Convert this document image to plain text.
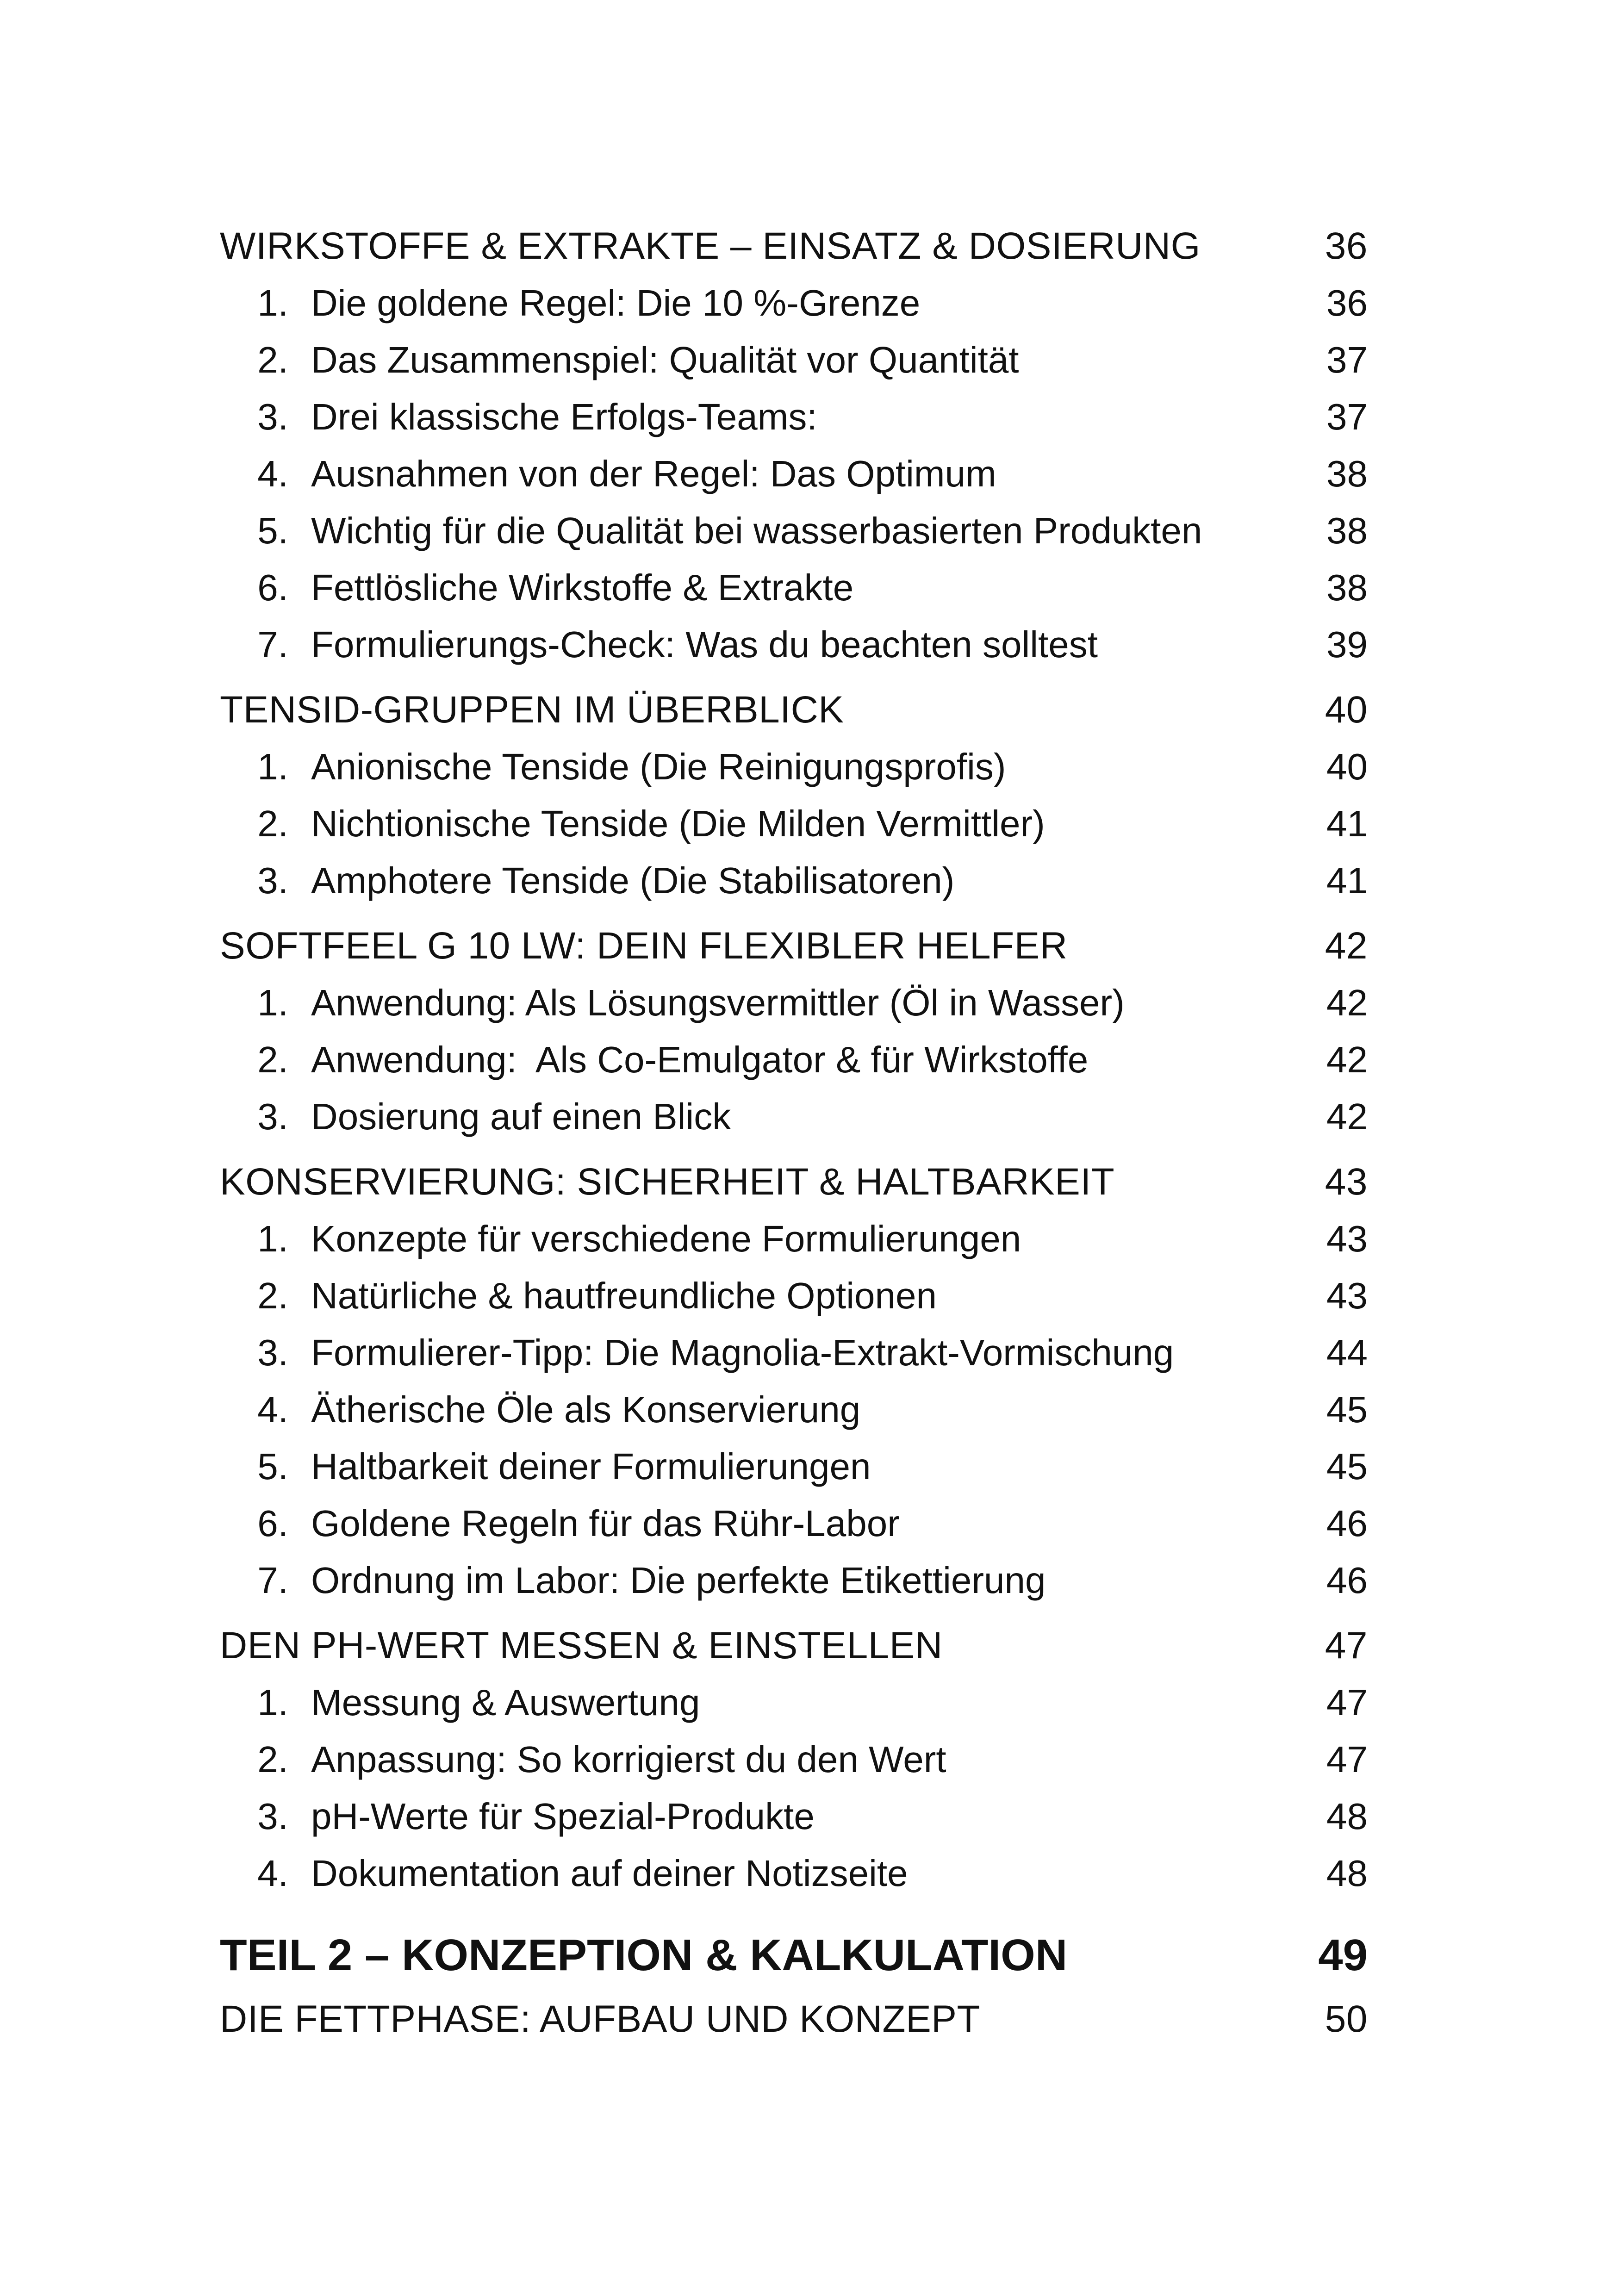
WIRKSTOFFE & EXTRAKTE – EINSATZ & DOSIERUNG	36
1. Die goldene Regel: Die 10 %-Grenze	36
2. Das Zusammenspiel: Qualität vor Quantität	37
3. Drei klassische Erfolgs-Teams:	37
4. Ausnahmen von der Regel: Das Optimum	38
5. Wichtig für die Qualität bei wasserbasierten Produkten	38
6. Fettlösliche Wirkstoffe & Extrakte	38
7. Formulierungs-Check: Was du beachten solltest	39
TENSID-GRUPPEN IM ÜBERBLICK	40
1. Anionische Tenside (Die Reinigungsprofis)	40
2. Nichtionische Tenside (Die Milden Vermittler)	41
3. Amphotere Tenside (Die Stabilisatoren)	41
SOFTFEEL G 10 LW: DEIN FLEXIBLER HELFER	42
1. Anwendung: Als Lösungsvermittler (Öl in Wasser)	42
2. Anwendung:  Als Co-Emulgator & für Wirkstoffe	42
3. Dosierung auf einen Blick	42
KONSERVIERUNG: SICHERHEIT & HALTBARKEIT	43
1. Konzepte für verschiedene Formulierungen	43
2. Natürliche & hautfreundliche Optionen	43
3. Formulierer-Tipp: Die Magnolia-Extrakt-Vormischung	44
4. Ätherische Öle als Konservierung	45
5. Haltbarkeit deiner Formulierungen	45
6. Goldene Regeln für das Rühr-Labor	46
7. Ordnung im Labor: Die perfekte Etikettierung	46
DEN PH-WERT MESSEN & EINSTELLEN	47
1. Messung & Auswertung	47
2. Anpassung: So korrigierst du den Wert	47
3. pH-Werte für Spezial-Produkte	48
4. Dokumentation auf deiner Notizseite	48
TEIL 2 – KONZEPTION & KALKULATION	49
DIE FETTPHASE: AUFBAU UND KONZEPT	50
